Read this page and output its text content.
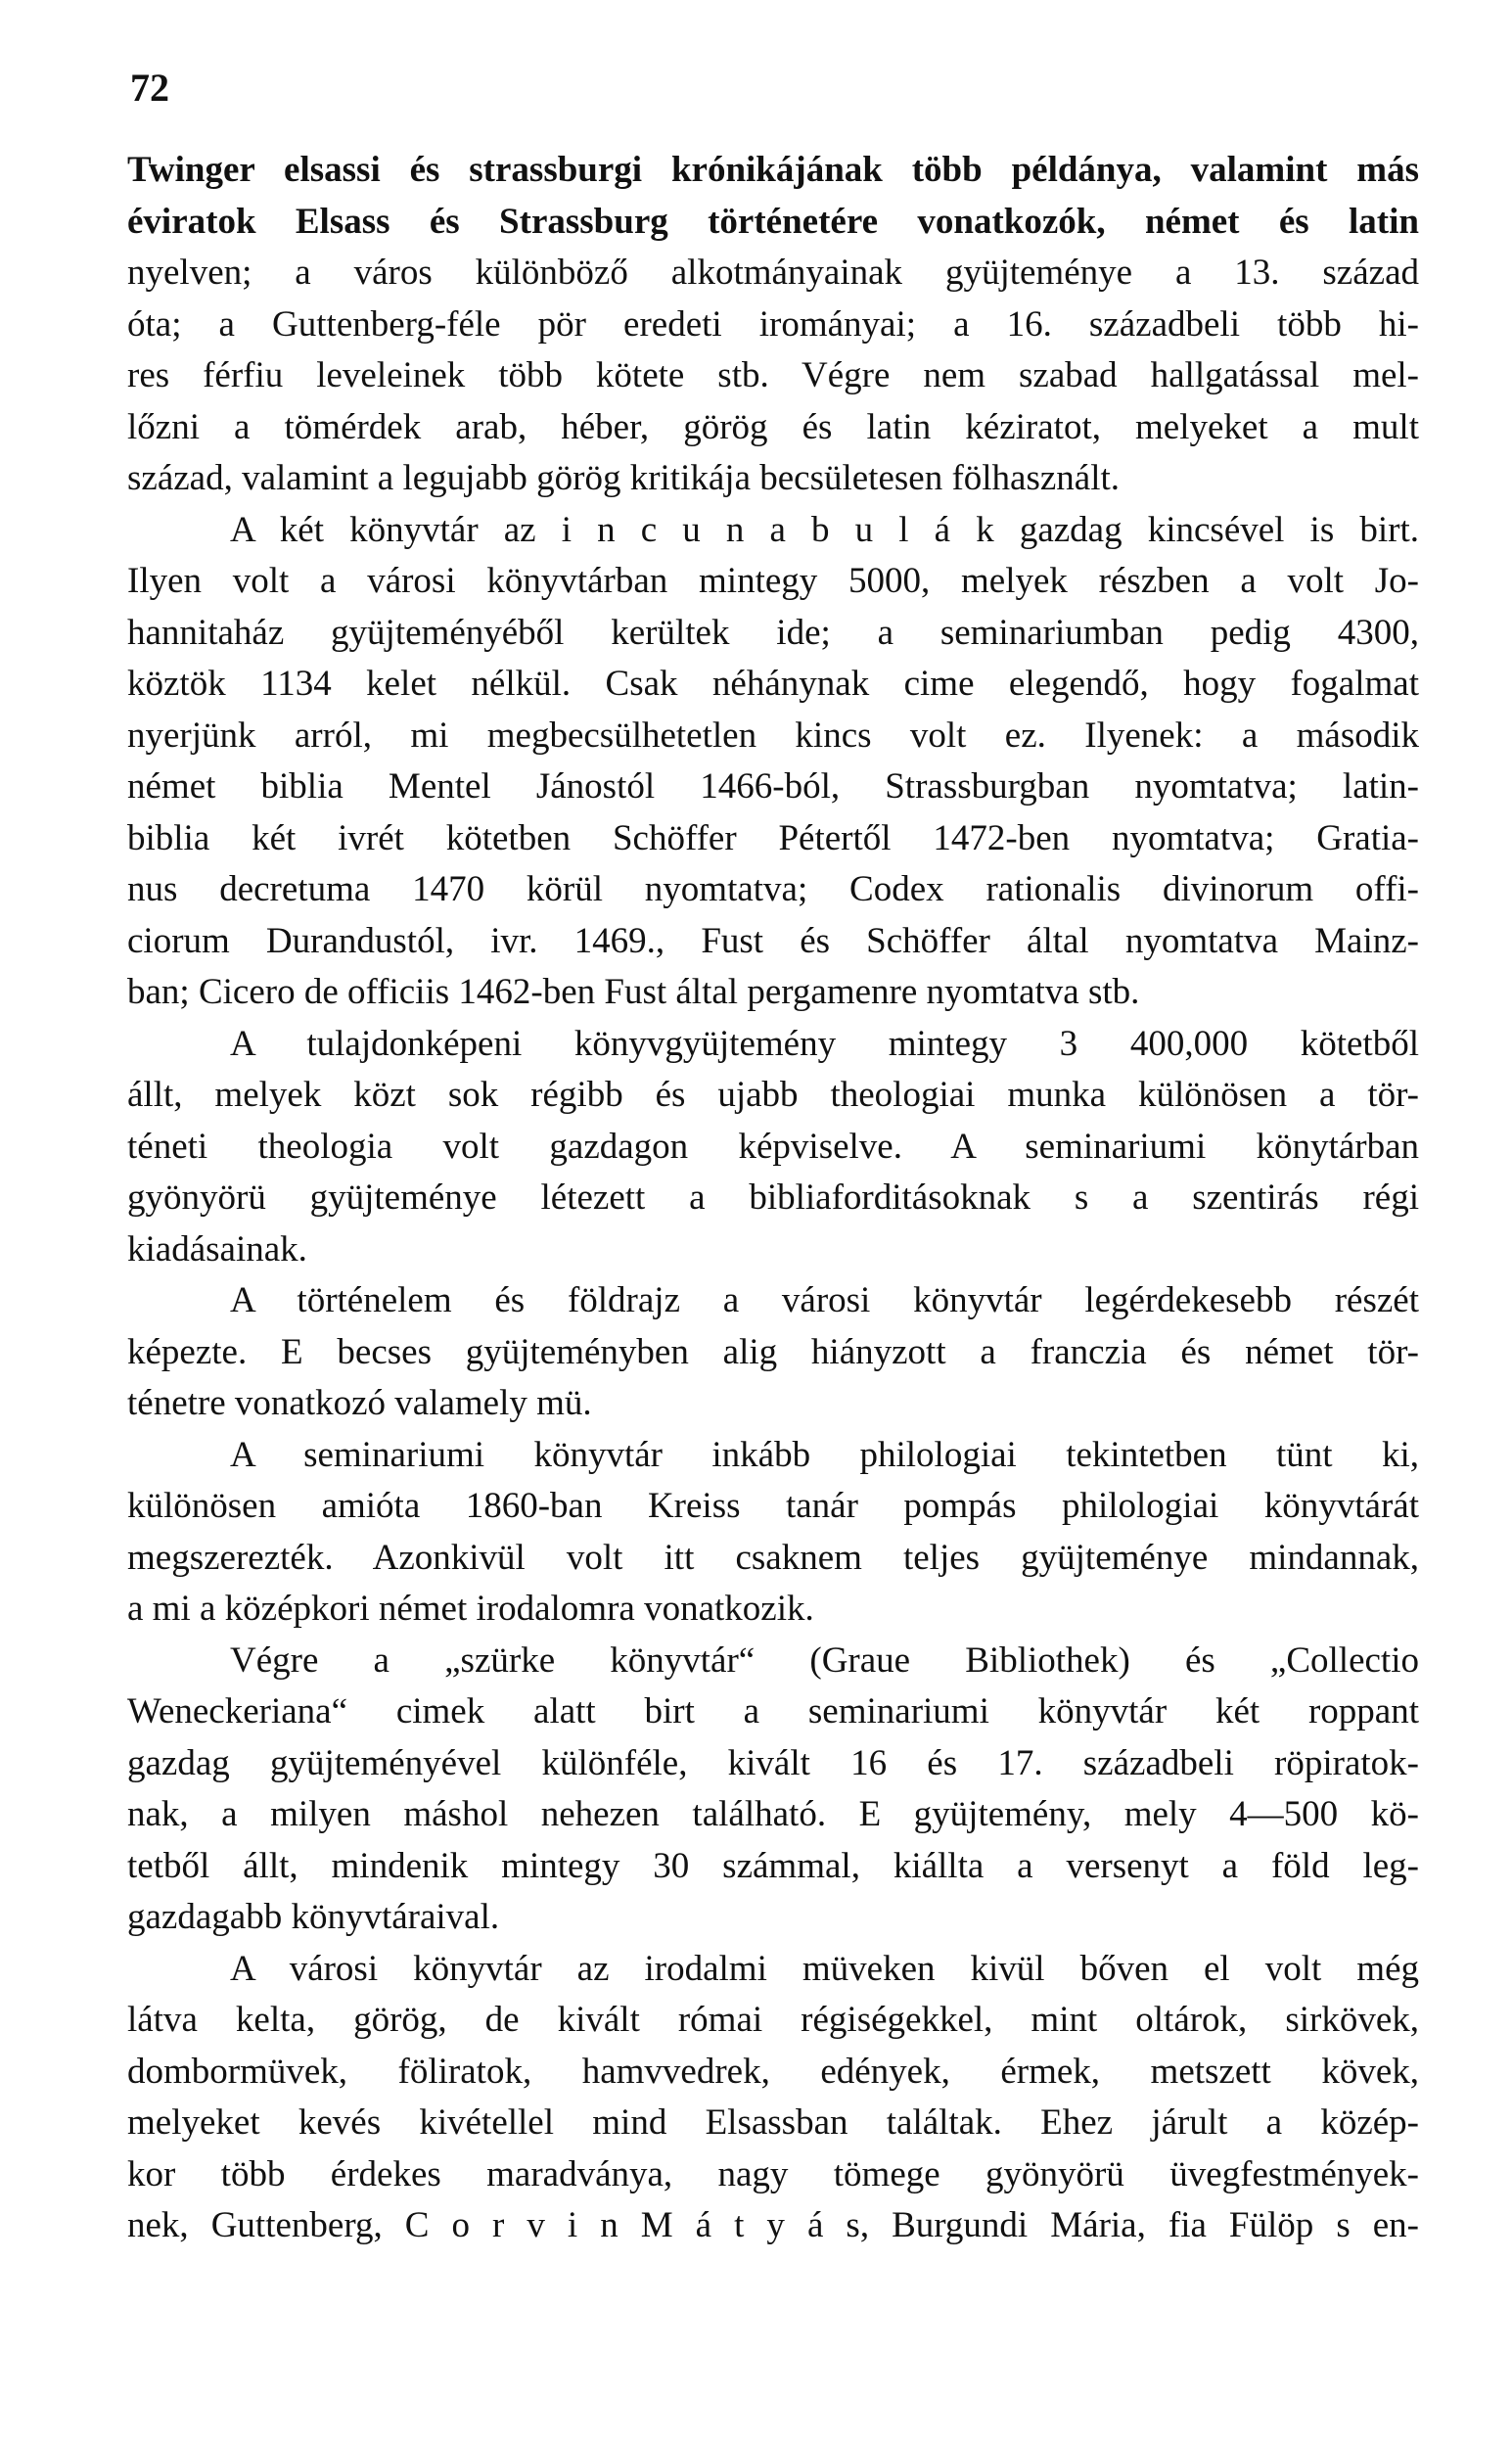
72
Twinger elsassi és strassburgi krónikájának több példánya, valamint más
éviratok Elsass és Strassburg történetére vonatkozók, német és latin
nyelven; a város különböző alkotmányainak gyüjteménye a 13. század
óta; a Guttenberg-féle pör eredeti irományai; a 16. századbeli több hi-
res férfiu leveleinek több kötete stb. Végre nem szabad hallgatással mel-
lőzni a tömérdek arab, héber, görög és latin kéziratot, melyeket a mult
század, valamint a legujabb görög kritikája becsületesen fölhasznált.
A két könyvtár az i n c u n a b u l á k gazdag kincsével is birt.
Ilyen volt a városi könyvtárban mintegy 5000, melyek részben a volt Jo-
hannitaház gyüjteményéből kerültek ide; a seminariumban pedig 4300,
köztök 1134 kelet nélkül. Csak néhánynak cime elegendő, hogy fogalmat
nyerjünk arról, mi megbecsülhetetlen kincs volt ez. Ilyenek: a második
német biblia Mentel Jánostól 1466-ból, Strassburgban nyomtatva; latin-
biblia két ivrét kötetben Schöffer Pétertől 1472-ben nyomtatva; Gratia-
nus decretuma 1470 körül nyomtatva; Codex rationalis divinorum offi-
ciorum Durandustól, ivr. 1469., Fust és Schöffer által nyomtatva Mainz-
ban; Cicero de officiis 1462-ben Fust által pergamenre nyomtatva stb.
A tulajdonképeni könyvgyüjtemény mintegy 3 400,000 kötetből
állt, melyek közt sok régibb és ujabb theologiai munka különösen a tör-
téneti theologia volt gazdagon képviselve. A seminariumi könytárban
gyönyörü gyüjteménye létezett a bibliaforditásoknak s a szentirás régi
kiadásainak.
A történelem és földrajz a városi könyvtár legérdekesebb részét
képezte. E becses gyüjteményben alig hiányzott a franczia és német tör-
ténetre vonatkozó valamely mü.
A seminariumi könyvtár inkább philologiai tekintetben tünt ki,
különösen amióta 1860-ban Kreiss tanár pompás philologiai könyvtárát
megszerezték. Azonkivül volt itt csaknem teljes gyüjteménye mindannak,
a mi a középkori német irodalomra vonatkozik.
Végre a „szürke könyvtár“ (Graue Bibliothek) és „Collectio
Weneckeriana“ cimek alatt birt a seminariumi könyvtár két roppant
gazdag gyüjteményével különféle, kivált 16 és 17. századbeli röpiratok-
nak, a milyen máshol nehezen található. E gyüjtemény, mely 4—500 kö-
tetből állt, mindenik mintegy 30 számmal, kiállta a versenyt a föld leg-
gazdagabb könyvtáraival.
A városi könyvtár az irodalmi müveken kivül bőven el volt még
látva kelta, görög, de kivált római régiségekkel, mint oltárok, sirkövek,
dombormüvek, föliratok, hamvvedrek, edények, érmek, metszett kövek,
melyeket kevés kivétellel mind Elsassban találtak. Ehez járult a közép-
kor több érdekes maradványa, nagy tömege gyönyörü üvegfestmények-
nek, Guttenberg, C o r v i n M á t y á s, Burgundi Mária, fia Fülöp s en-
